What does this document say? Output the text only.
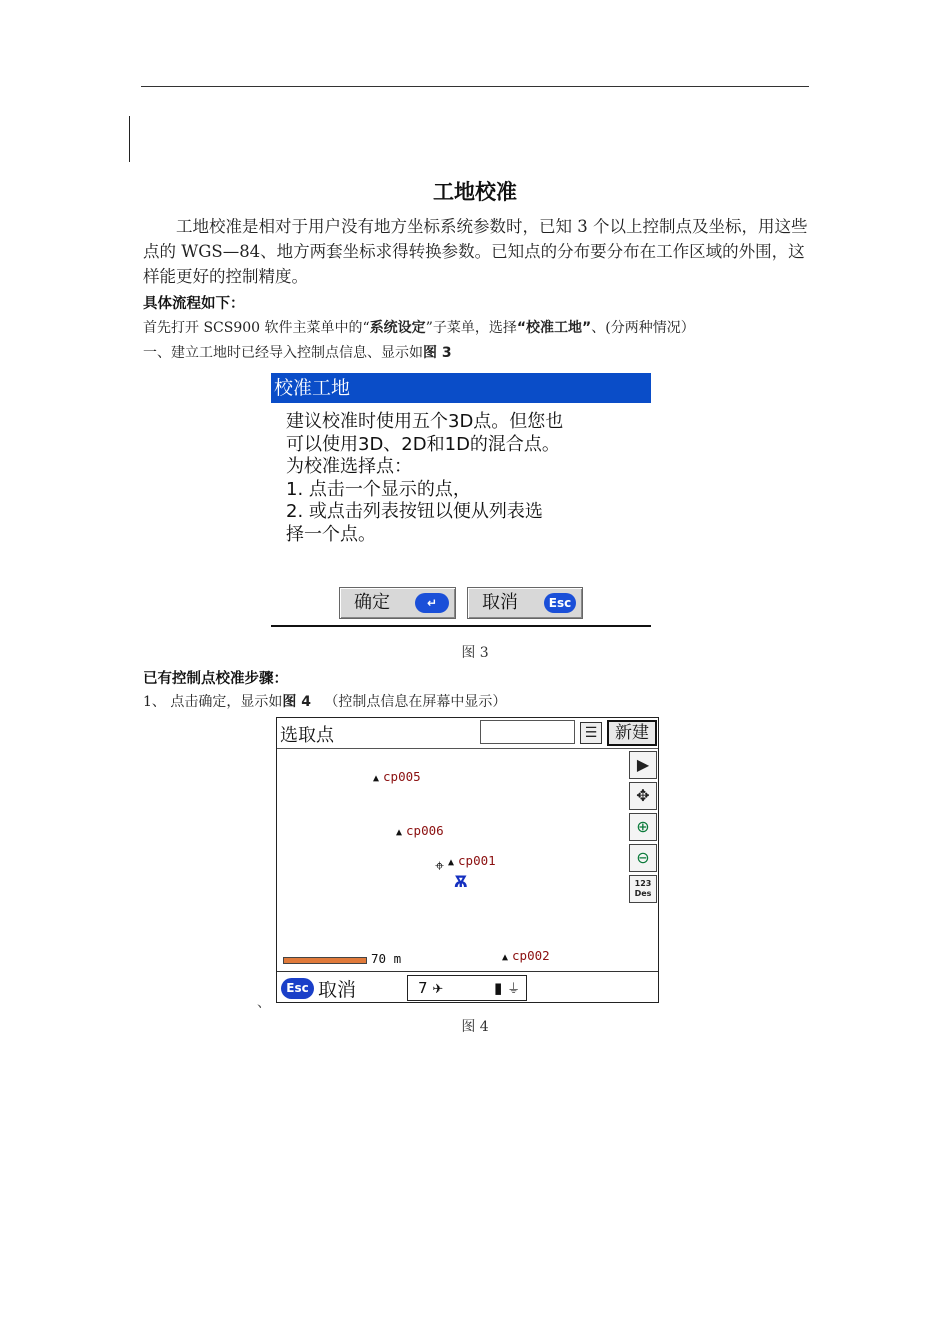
工地校准
工地校准是相对于用户没有地方坐标系统参数时，已知 3 个以上控制点及坐标，用这些点的 WGS—84、地方两套坐标求得转换参数。已知点的分布要分布在工作区域的外围，这样能更好的控制精度。
具体流程如下：
首先打开 SCS900 软件主菜单中的“系统设定”子菜单，选择“校准工地”、(分两种情况）
一、建立工地时已经导入控制点信息、显示如图 3
校准工地
建议校准时使用五个3D点。但您也
可以使用3D、2D和1D的混合点。
为校准选择点：
1. 点击一个显示的点，
2. 或点击列表按钮以便从列表选
择一个点。
确定	↵	取消	Esc
图 3
已有控制点校准步骤：
1、 点击确定，显示如图 4   （控制点信息在屏幕中显示）
选取点	☰	新建
▶
✥
⊕
⊖
123
Des
▲ cp005
▲ cp006
▲ cp001
▲ cp002
⌖
Ѫ
70 m
Esc 取消	7 ✈	▮ ⏚
、
图 4
